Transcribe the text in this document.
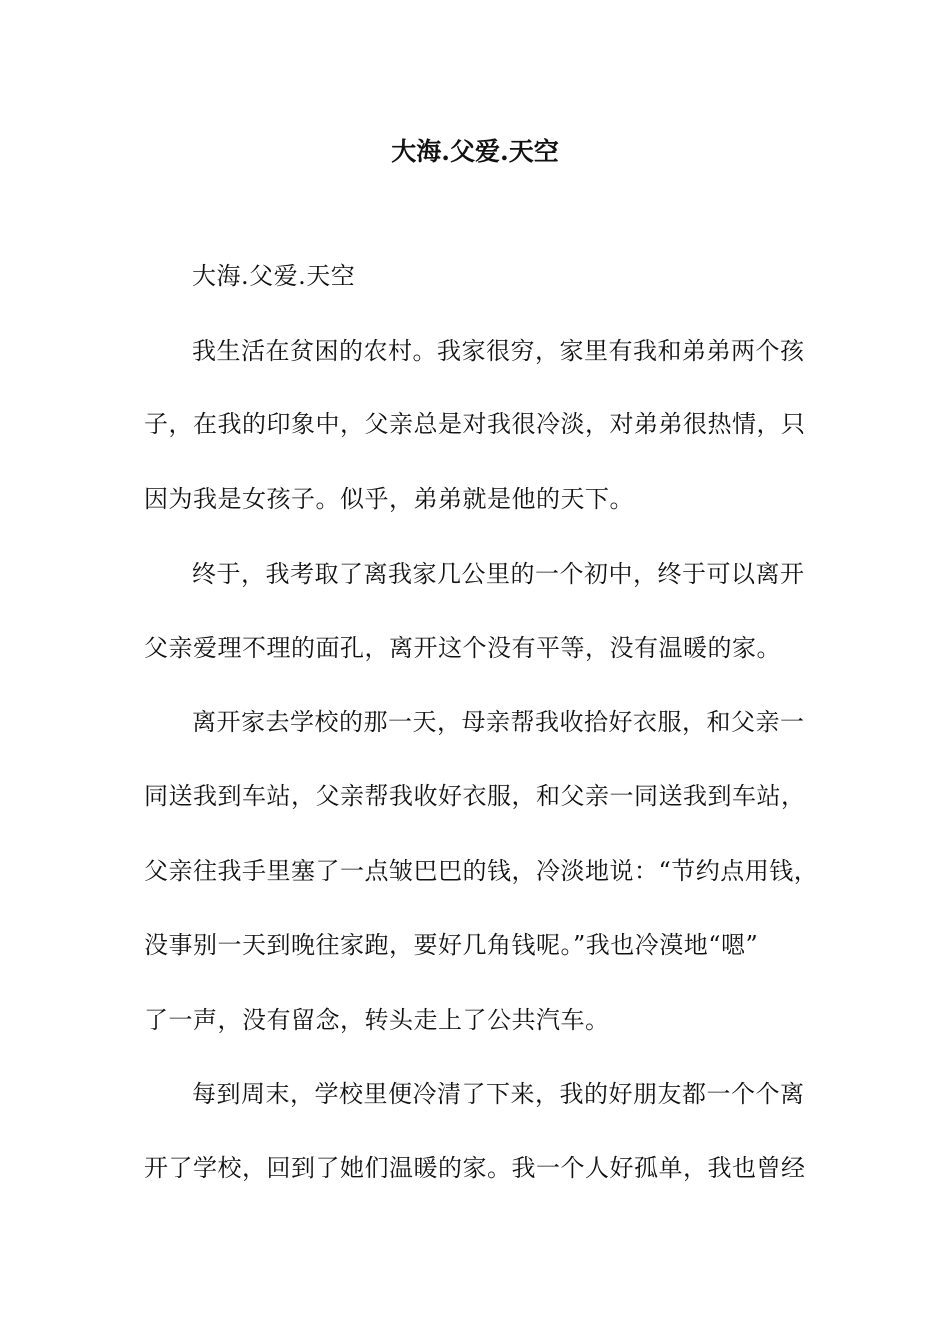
大海.父爱.天空
大海.父爱.天空
我生活在贫困的农村。我家很穷，家里有我和弟弟两个孩
子，在我的印象中，父亲总是对我很冷淡，对弟弟很热情，只
因为我是女孩子。似乎，弟弟就是他的天下。
终于，我考取了离我家几公里的一个初中，终于可以离开
父亲爱理不理的面孔，离开这个没有平等，没有温暖的家。
离开家去学校的那一天，母亲帮我收拾好衣服，和父亲一
同送我到车站，父亲帮我收好衣服，和父亲一同送我到车站，
父亲往我手里塞了一点皱巴巴的钱，冷淡地说：“节约点用钱，
没事别一天到晚往家跑，要好几角钱呢。”我也冷漠地“嗯”
了一声，没有留念，转头走上了公共汽车。
每到周末，学校里便冷清了下来，我的好朋友都一个个离
开了学校，回到了她们温暖的家。我一个人好孤单，我也曾经
